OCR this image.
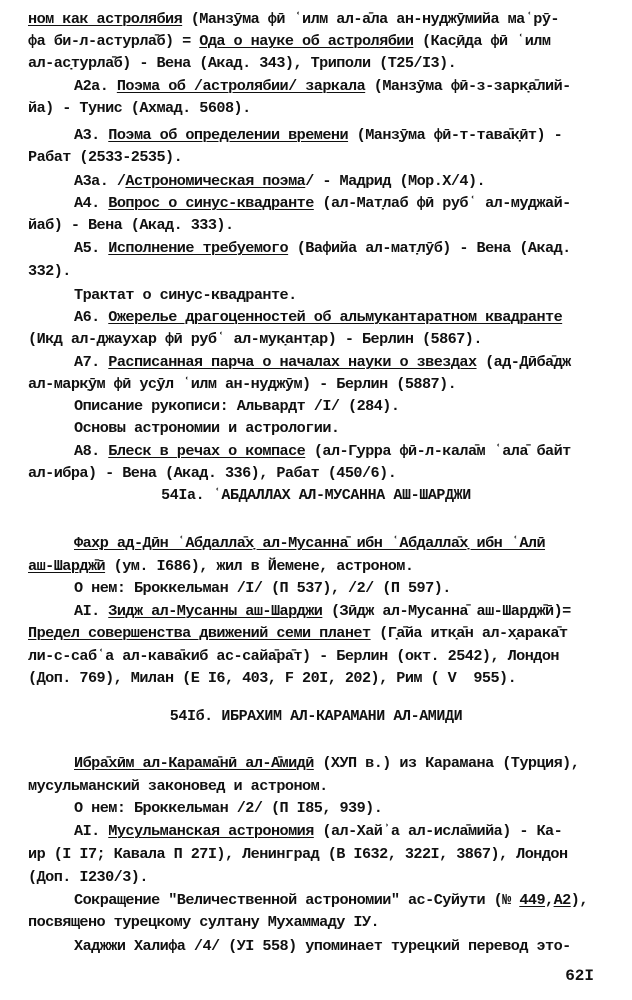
ном как астролябия (Манз̣ӯма фӣ ʿилм ал-а̄ла ан-нуджӯмийа маʿрӯ-
фа би-л-астурла̄б) = Ода о науке об астролябии (Кас̣ӣда фӣ ʿилм
ал-ас̣турла̄б) - Вена (Акад. 343), Триполи (Т25/I3).
А2а. Поэма об /астролябии/ заркала (Манз̣ӯма фӣ-з-зарк̣а̄лий-
йа) - Тунис (Ахмад. 5608).
А3. Поэма об определении времени (Манз̣ӯма фӣ-т-тава̄к̣ӣт) -
Рабат (2533-2535).
А3а. /Астрономическая поэма/ - Мадрид (Мор.Х/4).
А4. Вопрос о синус-квадранте (ал-Мат̣лаб фӣ рубʿ ал-муджай-
йаб) - Вена (Акад. 333).
А5. Исполнение требуемого (Вафийа ал-мат̣лӯб) - Вена (Акад.
332).
Трактат о синус-квадранте.
А6. Ожерелье драгоценностей об альмукантаратном квадранте
(Ик̣д ал-джаухар фӣ рубʿ ал-мук̣ант̣ар) - Берлин (5867).
А7. Расписанная парча о началах науки о звездах (ад-Дӣба̄дж
ал-марк̣ӯм фӣ ус̣ӯл ʿилм ан-нуджӯм) - Берлин (5887).
Описание рукописи: Альвардт /I/ (284).
Основы астрономии и астрологии.
А8. Блеск в речах о компасе (ал-Г̣урра фӣ-л-кала̄м ʿала̄ байт
ал-ибра) - Вена (Акад. 336), Рабат (450/6).
54Iа. ʿАБДАЛЛАХ АЛ-МУСАННА АШ-ШАРДЖИ
Фах̣р ад-Дӣн ʿАбдалла̄х̣ ал-Мусанна̄ ибн ʿАбдалла̄х̣ ибн ʿАлӣ
аш-Шардж̄ӣ (ум. I686), жил в Йемене, астроном.
О нем: Броккельман /I/ (П 537), /2/ (П 597).
АI. Зидж ал-Мусанны аш-Шарджи (Зӣдж ал-Мусанна̄ аш-Шардж̄ӣ)=
Предел совершенства движений семи планет (Г̣а̄йа итк̣а̄н ал-х̣арака̄т
ли-с-сабʿа ал-кава̄киб ас-сайа̄ра̄т) - Берлин (окт. 2542), Лондон
(Доп. 769), Милан (Е I6, 403, F 20I, 202), Рим ( V  955).
54Iб. ИБРАХИМ АЛ-КАРАМАНИ АЛ-АМИДИ
Ибра̄хӣм ал-Карама̄нӣ ал-А̄мидӣ (ХУП в.) из Карамана (Турция),
мусульманский законовед и астроном.
О нем: Броккельман /2/ (П I85, 939).
АI. Мусульманская астрономия (ал-Хайʾа ал-исла̄мийа) - Ка-
ир (I I7; Кавала П 27I), Ленинград (В I632, 322I, 3867), Лондон
(Доп. I230/3).
Сокращение "Величественной астрономии" ас-Суйути (№ 449,А2),
посвящено турецкому султану Мухаммаду IУ.
Хаджжи Халифа /4/ (УI 558) упоминает турецкий перевод это-
62I
